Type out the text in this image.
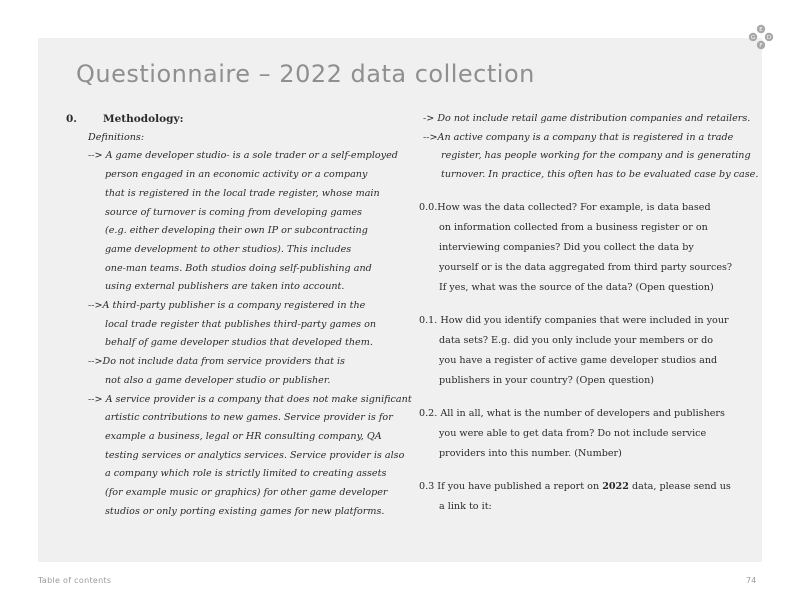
E
G D
F
Questionnaire – 2022 data collection
0. Methodology:
Definitions:
--> A game developer studio- is a sole trader or a self-employed
person engaged in an economic activity or a company
that is registered in the local trade register, whose main
source of turnover is coming from developing games
(e.g. either developing their own IP or subcontracting
game development to other studios). This includes
one-man teams. Both studios doing self-publishing and
using external publishers are taken into account.
-->A third-party publisher is a company registered in the
local trade register that publishes third-party games on
behalf of game developer studios that developed them.
-->Do not include data from service providers that is
not also a game developer studio or publisher.
--> A service provider is a company that does not make significant
artistic contributions to new games. Service provider is for
example a business, legal or HR consulting company, QA
testing services or analytics services. Service provider is also
a company which role is strictly limited to creating assets
(for example music or graphics) for other game developer
studios or only porting existing games for new platforms.
-> Do not include retail game distribution companies and retailers.
-->An active company is a company that is registered in a trade
register, has people working for the company and is generating
turnover. In practice, this often has to be evaluated case by case.
0.0.How was the data collected? For example, is data based
on information collected from a business register or on
interviewing companies? Did you collect the data by
yourself or is the data aggregated from third party sources?
If yes, what was the source of the data? (Open question)
0.1. How did you identify companies that were included in your
data sets? E.g. did you only include your members or do
you have a register of active game developer studios and
publishers in your country? (Open question)
0.2. All in all, what is the number of developers and publishers
you were able to get data from? Do not include service
providers into this number. (Number)
0.3 If you have published a report on 2022 data, please send us
a link to it:
Table of contents	74
